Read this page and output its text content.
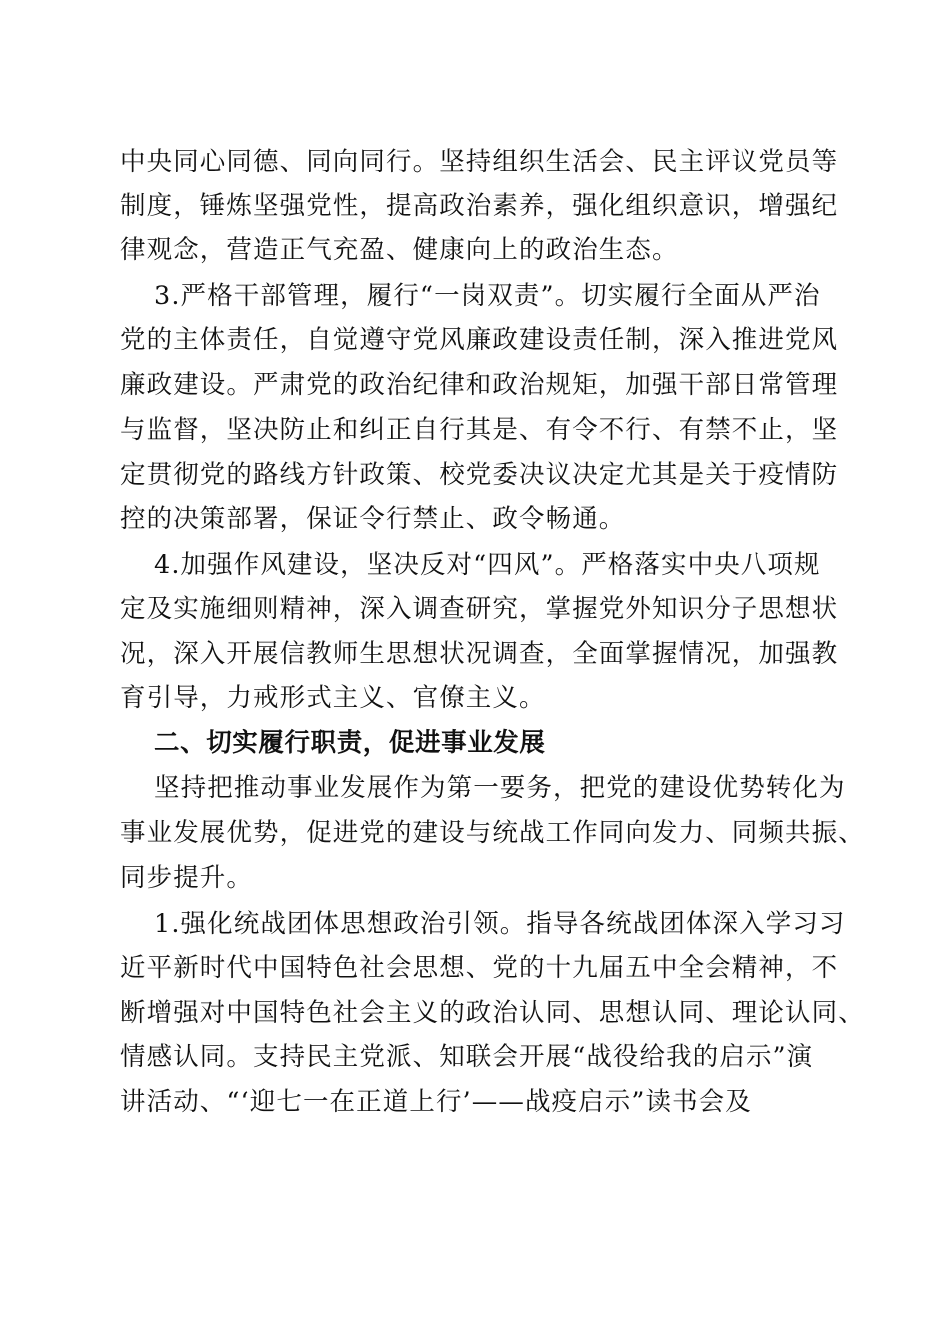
中央同心同德、同向同行。坚持组织生活会、民主评议党员等
制度，锤炼坚强党性，提高政治素养，强化组织意识，增强纪
律观念，营造正气充盈、健康向上的政治生态。
3.严格干部管理，履行“一岗双责”。切实履行全面从严治
党的主体责任，自觉遵守党风廉政建设责任制，深入推进党风
廉政建设。严肃党的政治纪律和政治规矩，加强干部日常管理
与监督，坚决防止和纠正自行其是、有令不行、有禁不止，坚
定贯彻党的路线方针政策、校党委决议决定尤其是关于疫情防
控的决策部署，保证令行禁止、政令畅通。
4.加强作风建设，坚决反对“四风”。严格落实中央八项规
定及实施细则精神，深入调查研究，掌握党外知识分子思想状
况，深入开展信教师生思想状况调查，全面掌握情况，加强教
育引导，力戒形式主义、官僚主义。
二、切实履行职责，促进事业发展
坚持把推动事业发展作为第一要务，把党的建设优势转化为
事业发展优势，促进党的建设与统战工作同向发力、同频共振、
同步提升。
1.强化统战团体思想政治引领。指导各统战团体深入学习习
近平新时代中国特色社会思想、党的十九届五中全会精神，不
断增强对中国特色社会主义的政治认同、思想认同、理论认同、
情感认同。支持民主党派、知联会开展“战役给我的启示”演
讲活动、“‘迎七一在正道上行’——战疫启示”读书会及
